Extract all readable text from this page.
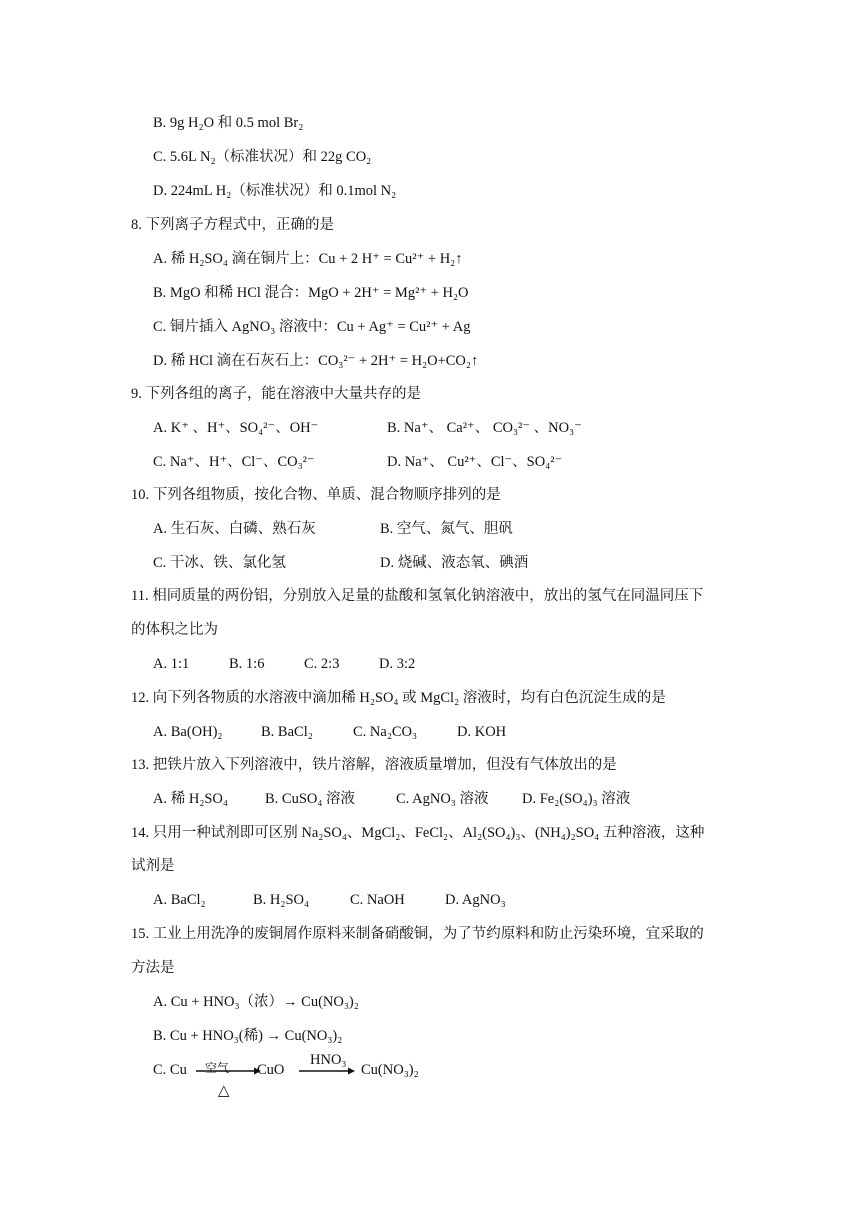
B. 9g H₂O 和 0.5 mol Br₂
C. 5.6L N₂（标准状况）和 22g CO₂
D. 224mL H₂（标准状况）和 0.1mol N₂
8. 下列离子方程式中，正确的是
A. 稀 H₂SO₄ 滴在铜片上：Cu + 2 H⁺ = Cu²⁺ + H₂↑
B. MgO 和稀 HCl 混合：MgO + 2H⁺ = Mg²⁺ + H₂O
C. 铜片插入 AgNO₃ 溶液中：Cu + Ag⁺ = Cu²⁺ + Ag
D. 稀 HCl 滴在石灰石上：CO₃²⁻ + 2H⁺ = H₂O+CO₂↑
9. 下列各组的离子，能在溶液中大量共存的是
A. K⁺ 、H⁺、SO₄²⁻、OH⁻	B. Na⁺、 Ca²⁺、 CO₃²⁻ 、NO₃⁻
C. Na⁺、H⁺、Cl⁻、CO₃²⁻	D. Na⁺、 Cu²⁺、Cl⁻、SO₄²⁻
10. 下列各组物质，按化合物、单质、混合物顺序排列的是
A. 生石灰、白磷、熟石灰	B. 空气、氮气、胆矾
C. 干冰、铁、氯化氢	D. 烧碱、液态氧、碘酒
11. 相同质量的两份铝，分别放入足量的盐酸和氢氧化钠溶液中，放出的氢气在同温同压下
的体积之比为
A. 1:1	B. 1:6	C. 2:3	D. 3:2
12. 向下列各物质的水溶液中滴加稀 H₂SO₄ 或 MgCl₂ 溶液时，均有白色沉淀生成的是
A. Ba(OH)₂	B. BaCl₂	C. Na₂CO₃	D. KOH
13. 把铁片放入下列溶液中，铁片溶解，溶液质量增加，但没有气体放出的是
A. 稀 H₂SO₄	B. CuSO₄ 溶液	C. AgNO₃ 溶液 D. Fe₂(SO₄)₃ 溶液
14. 只用一种试剂即可区别 Na₂SO₄、MgCl₂、FeCl₂、Al₂(SO₄)₃、(NH₄)₂SO₄ 五种溶液，这种
试剂是
A. BaCl₂	B. H₂SO₄	C. NaOH	D. AgNO₃
15. 工业上用洗净的废铜屑作原料来制备硝酸铜，为了节约原料和防止污染环境，宜采取的
方法是
A. Cu + HNO₃（浓）→ Cu(NO₃)₂
B. Cu + HNO₃(稀) → Cu(NO₃)₂
C. Cu 空气
△
CuO
HNO₃
Cu(NO₃)₂
